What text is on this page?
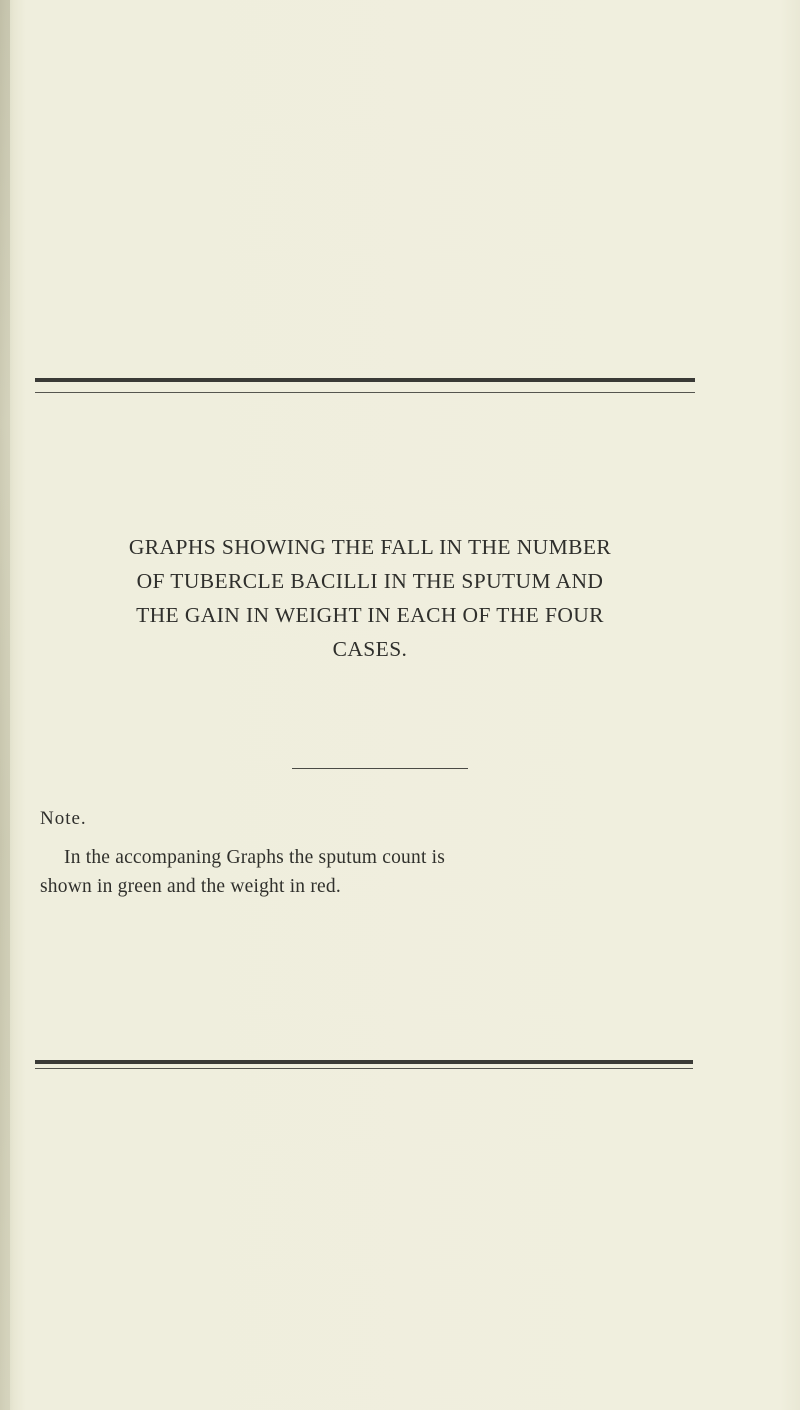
GRAPHS SHOWING THE FALL IN THE NUMBER
OF TUBERCLE BACILLI IN THE SPUTUM AND
THE GAIN IN WEIGHT IN EACH OF THE FOUR
CASES.
Note.
In the accompaning Graphs the sputum count is
shown in green and the weight in red.
